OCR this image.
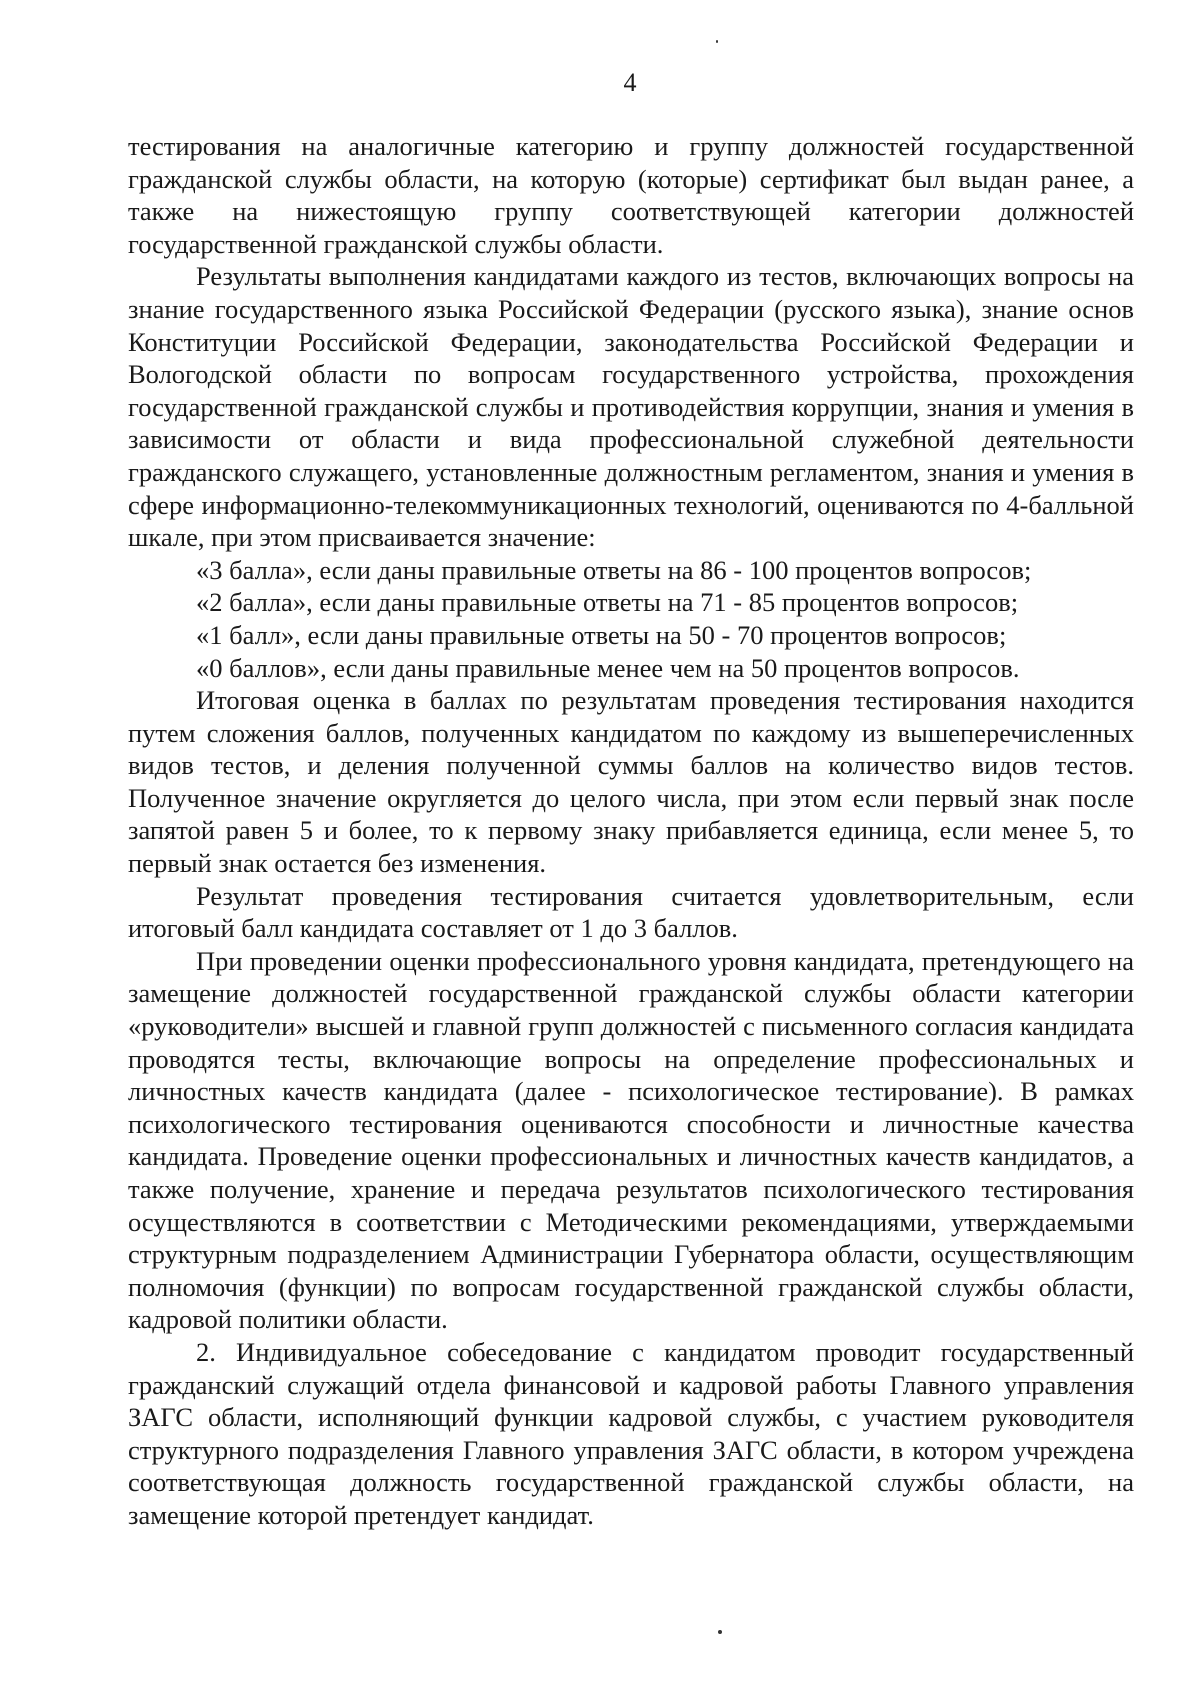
4

тестирования на аналогичные категорию и группу должностей государственной гражданской службы области, на которую (которые) сертификат был выдан ранее, а также на нижестоящую группу соответствующей категории должностей государственной гражданской службы области.

Результаты выполнения кандидатами каждого из тестов, включающих вопросы на знание государственного языка Российской Федерации (русского языка), знание основ Конституции Российской Федерации, законодательства Российской Федерации и Вологодской области по вопросам государственного устройства, прохождения государственной гражданской службы и противодействия коррупции, знания и умения в зависимости от области и вида профессиональной служебной деятельности гражданского служащего, установленные должностным регламентом, знания и умения в сфере информационно-телекоммуникационных технологий, оцениваются по 4-балльной шкале, при этом присваивается значение:

«3 балла», если даны правильные ответы на 86 - 100 процентов вопросов;

«2 балла», если даны правильные ответы на 71 - 85 процентов вопросов;

«1 балл», если даны правильные ответы на 50 - 70 процентов вопросов;

«0 баллов», если даны правильные менее чем на 50 процентов вопросов.

Итоговая оценка в баллах по результатам проведения тестирования находится путем сложения баллов, полученных кандидатом по каждому из вышеперечисленных видов тестов, и деления полученной суммы баллов на количество видов тестов. Полученное значение округляется до целого числа, при этом если первый знак после запятой равен 5 и более, то к первому знаку прибавляется единица, если менее 5, то первый знак остается без изменения.

Результат проведения тестирования считается удовлетворительным, если итоговый балл кандидата составляет от 1 до 3 баллов.

При проведении оценки профессионального уровня кандидата, претендующего на замещение должностей государственной гражданской службы области категории «руководители» высшей и главной групп должностей с письменного согласия кандидата проводятся тесты, включающие вопросы на определение профессиональных и личностных качеств кандидата (далее - психологическое тестирование). В рамках психологического тестирования оцениваются способности и личностные качества кандидата. Проведение оценки профессиональных и личностных качеств кандидатов, а также получение, хранение и передача результатов психологического тестирования осуществляются в соответствии с Методическими рекомендациями, утверждаемыми структурным подразделением Администрации Губернатора области, осуществляющим полномочия (функции) по вопросам государственной гражданской службы области, кадровой политики области.

2. Индивидуальное собеседование с кандидатом проводит государственный гражданский служащий отдела финансовой и кадровой работы Главного управления ЗАГС области, исполняющий функции кадровой службы, с участием руководителя структурного подразделения Главного управления ЗАГС области, в котором учреждена соответствующая должность государственной гражданской службы области, на замещение которой претендует кандидат.
